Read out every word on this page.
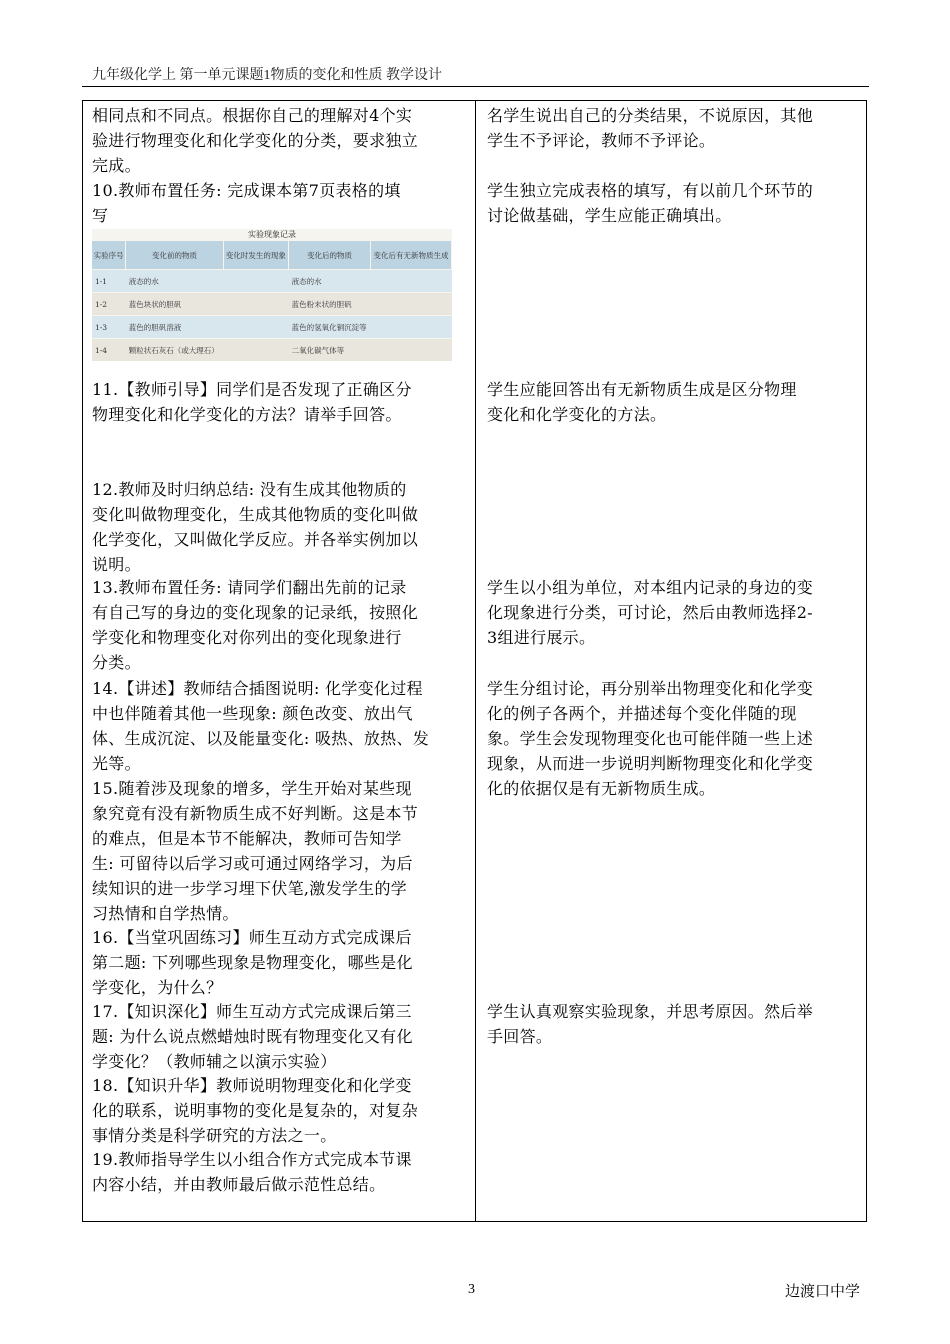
九年级化学上 第一单元课题1物质的变化和性质 教学设计
相同点和不同点。根据你自己的理解对4个实
验进行物理变化和化学变化的分类，要求独立
完成。
10.教师布置任务: 完成课本第7页表格的填
写
11.【教师引导】同学们是否发现了正确区分
物理变化和化学变化的方法？请举手回答。
12.教师及时归纳总结: 没有生成其他物质的
变化叫做物理变化，生成其他物质的变化叫做
化学变化，又叫做化学反应。并各举实例加以
说明。
13.教师布置任务: 请同学们翻出先前的记录
有自己写的身边的变化现象的记录纸，按照化
学变化和物理变化对你列出的变化现象进行
分类。
14.【讲述】教师结合插图说明: 化学变化过程
中也伴随着其他一些现象: 颜色改变、放出气
体、生成沉淀、以及能量变化: 吸热、放热、发
光等。
15.随着涉及现象的增多，学生开始对某些现
象究竟有没有新物质生成不好判断。这是本节
的难点，但是本节不能解决，教师可告知学
生: 可留待以后学习或可通过网络学习，为后
续知识的进一步学习埋下伏笔,激发学生的学
习热情和自学热情。
16.【当堂巩固练习】师生互动方式完成课后
第二题: 下列哪些现象是物理变化，哪些是化
学变化，为什么？
17.【知识深化】师生互动方式完成课后第三
题: 为什么说点燃蜡烛时既有物理变化又有化
学变化？（教师辅之以演示实验）
18.【知识升华】教师说明物理变化和化学变
化的联系，说明事物的变化是复杂的，对复杂
事情分类是科学研究的方法之一。
19.教师指导学生以小组合作方式完成本节课
内容小结，并由教师最后做示范性总结。
名学生说出自己的分类结果，不说原因，其他
学生不予评论，教师不予评论。
学生独立完成表格的填写，有以前几个环节的
讨论做基础，学生应能正确填出。
学生应能回答出有无新物质生成是区分物理
变化和化学变化的方法。
学生以小组为单位，对本组内记录的身边的变
化现象进行分类，可讨论，然后由教师选择2-
3组进行展示。
学生分组讨论，再分别举出物理变化和化学变
化的例子各两个，并描述每个变化伴随的现
象。学生会发现物理变化也可能伴随一些上述
现象，从而进一步说明判断物理变化和化学变
化的依据仅是有无新物质生成。
学生认真观察实验现象，并思考原因。然后举
手回答。
实验现象记录
实验序号	变化前的物质	变化时发生的现象	变化后的物质	变化后有无新物质生成
1-1	液态的水		液态的水	
1-2	蓝色块状的胆矾		蓝色粉末状的胆矾	
1-3	蓝色的胆矾溶液		蓝色的氢氧化铜沉淀等	
1-4	颗粒状石灰石（或大理石）		二氧化碳气体等	
3	边渡口中学
